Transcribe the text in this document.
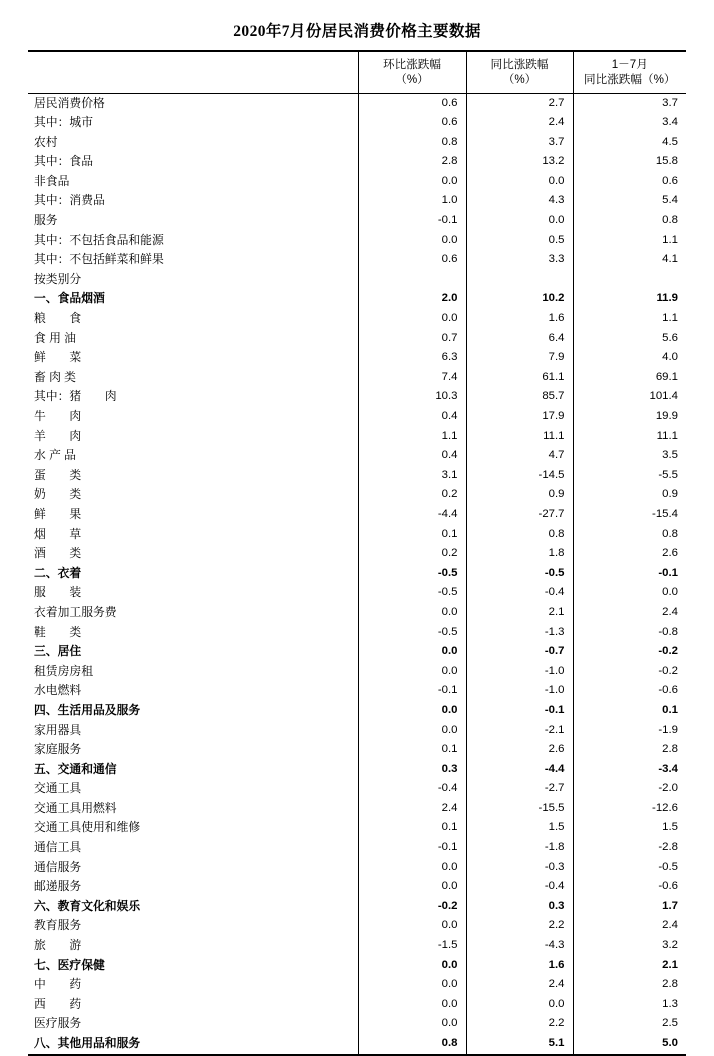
2020年7月份居民消费价格主要数据

环比涨跌幅
（%）

同比涨跌幅
（%）

1－7月
同比涨跌幅（%）

居民消费价格	0.6	2.7	3.7
其中：城市	0.6	2.4	3.4
农村	0.8	3.7	4.5
其中：食品	2.8	13.2	15.8
非食品	0.0	0.0	0.6
其中：消费品	1.0	4.3	5.4
服务	-0.1	0.0	0.8
其中：不包括食品和能源	0.0	0.5	1.1
其中：不包括鲜菜和鲜果	0.6	3.3	4.1
按类别分			
一、食品烟酒	2.0	10.2	11.9
粮　　食	0.0	1.6	1.1
食 用 油	0.7	6.4	5.6
鲜　　菜	6.3	7.9	4.0
畜 肉 类	7.4	61.1	69.1
其中：猪　　肉	10.3	85.7	101.4
牛　　肉	0.4	17.9	19.9
羊　　肉	1.1	11.1	11.1
水 产 品	0.4	4.7	3.5
蛋　　类	3.1	-14.5	-5.5
奶　　类	0.2	0.9	0.9
鲜　　果	-4.4	-27.7	-15.4
烟　　草	0.1	0.8	0.8
酒　　类	0.2	1.8	2.6
二、衣着	-0.5	-0.5	-0.1
服　　装	-0.5	-0.4	0.0
衣着加工服务费	0.0	2.1	2.4
鞋　　类	-0.5	-1.3	-0.8
三、居住	0.0	-0.7	-0.2
租赁房房租	0.0	-1.0	-0.2
水电燃料	-0.1	-1.0	-0.6
四、生活用品及服务	0.0	-0.1	0.1
家用器具	0.0	-2.1	-1.9
家庭服务	0.1	2.6	2.8
五、交通和通信	0.3	-4.4	-3.4
交通工具	-0.4	-2.7	-2.0
交通工具用燃料	2.4	-15.5	-12.6
交通工具使用和维修	0.1	1.5	1.5
通信工具	-0.1	-1.8	-2.8
通信服务	0.0	-0.3	-0.5
邮递服务	0.0	-0.4	-0.6
六、教育文化和娱乐	-0.2	0.3	1.7
教育服务	0.0	2.2	2.4
旅　　游	-1.5	-4.3	3.2
七、医疗保健	0.0	1.6	2.1
中　　药	0.0	2.4	2.8
西　　药	0.0	0.0	1.3
医疗服务	0.0	2.2	2.5
八、其他用品和服务	0.8	5.1	5.0
